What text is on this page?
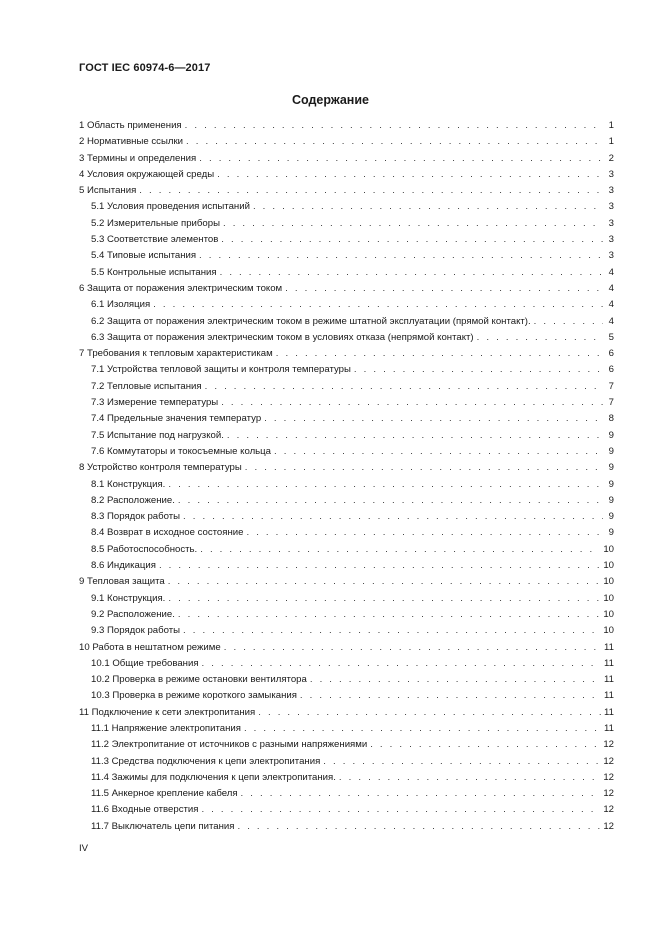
ГОСТ IEC 60974-6—2017
Содержание
1 Область применения . . .	1
2 Нормативные ссылки . . .	1
3 Термины и определения . . .	2
4 Условия окружающей среды . . .	3
5 Испытания . . .	3
5.1 Условия проведения испытаний . . .	3
5.2 Измерительные приборы . . .	3
5.3 Соответствие элементов . . .	3
5.4 Типовые испытания . . .	3
5.5 Контрольные испытания . . .	4
6 Защита от поражения электрическим током . . .	4
6.1 Изоляция . . .	4
6.2 Защита от поражения электрическим током в режиме штатной эксплуатации (прямой контакт). . . .	4
6.3 Защита от поражения электрическим током в условиях отказа (непрямой контакт) . . .	5
7 Требования к тепловым характеристикам . . .	6
7.1 Устройства тепловой защиты и контроля температуры . . .	6
7.2 Тепловые испытания . . .	7
7.3 Измерение температуры . . .	7
7.4 Предельные значения температур . . .	8
7.5 Испытание под нагрузкой. . . .	9
7.6 Коммутаторы и токосъемные кольца . . .	9
8 Устройство контроля температуры . . .	9
8.1 Конструкция. . . .	9
8.2 Расположение. . . .	9
8.3 Порядок работы . . .	9
8.4 Возврат в исходное состояние . . .	9
8.5 Работоспособность. . . .	10
8.6 Индикация . . .	10
9 Тепловая защита . . .	10
9.1 Конструкция. . . .	10
9.2 Расположение. . . .	10
9.3 Порядок работы . . .	10
10 Работа в нештатном режиме . . .	11
10.1 Общие требования . . .	11
10.2 Проверка в режиме остановки вентилятора . . .	11
10.3 Проверка в режиме короткого замыкания . . .	11
11 Подключение к сети электропитания . . .	11
11.1 Напряжение электропитания . . .	11
11.2 Электропитание от источников с разными напряжениями . . .	12
11.3 Средства подключения к цепи электропитания . . .	12
11.4 Зажимы для подключения к цепи электропитания. . . .	12
11.5 Анкерное крепление кабеля . . .	12
11.6 Входные отверстия . . .	12
11.7 Выключатель цепи питания . . .	12
IV
